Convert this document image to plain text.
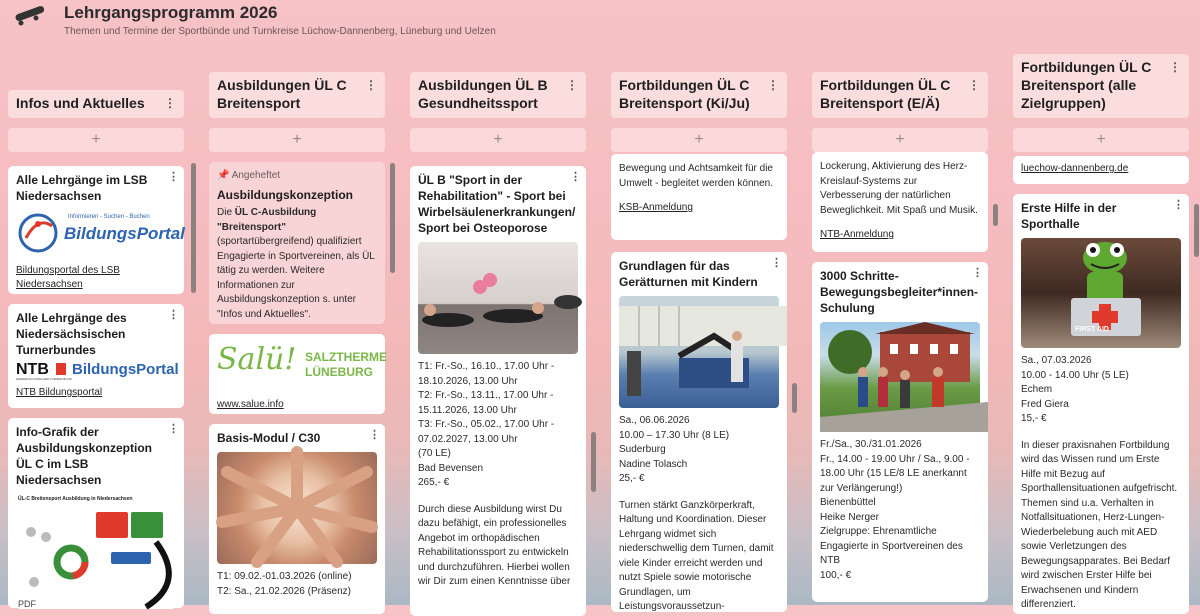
Lehrgangsprogramm 2026
Themen und Termine der Sportbünde und Turnkreise Lüchow-Dannenberg, Lüneburg und Uelzen
Infos und Aktuelles ⋮
+
Alle Lehrgänge im LSB Niedersachsen
⋮
Informieren - Suchen - Buchen
BildungsPortal
Bildungsportal des LSB Niedersachsen
Alle Lehrgänge des Niedersächsischen Turnerbundes
⋮
NTB BildungsPortal
NIEDERSÄCHSISCHER TURNER-BUND
NTB Bildungsportal
Info-Grafik der Ausbildungskonzeption ÜL C im LSB Niedersachsen
⋮
ÜL-C Breitensport Ausbildung in Niedersachsen
PDF
Ausbildungen ÜL C Breitensport
⋮
+
📌 Angeheftet
Ausbildungskonzeption
Die ÜL C-Ausbildung "Breitensport" (sportartübergreifend) qualifiziert Engagierte in Sportvereinen, als ÜL tätig zu werden. Weitere Informationen zur Ausbildungskonzeption s. unter "Infos und Aktuelles".
Salü! SALZTHERME
LÜNEBURG
www.salue.info
Basis-Modul / C30	⋮
T1: 09.02.-01.03.2026 (online)
T2: Sa., 21.02.2026 (Präsenz)
Ausbildungen ÜL B Gesundheitssport
⋮
+
ÜL B "Sport in der Rehabilitation" - Sport bei Wirbelsäulenerkrankungen/ Sport bei Osteoporose
⋮
T1: Fr.-So., 16.10., 17.00 Uhr - 18.10.2026, 13.00 Uhr
T2: Fr.-So., 13.11., 17.00 Uhr - 15.11.2026, 13.00 Uhr
T3: Fr.-So., 05.02., 17.00 Uhr - 07.02.2027, 13.00 Uhr
(70 LE)
Bad Bevensen
265,- €
Durch diese Ausbildung wirst Du dazu befähigt, ein professionelles Angebot im orthopädischen Rehabilitationssport zu entwickeln und durchzuführen. Hierbei wollen wir Dir zum einen Kenntnisse über
Fortbildungen ÜL C Breitensport (Ki/Ju)
⋮
+
Bewegung und Achtsamkeit für die Umwelt - begleitet werden können.
KSB-Anmeldung
Grundlagen für das Gerätturnen mit Kindern
⋮
Sa., 06.06.2026
10.00 – 17.30 Uhr (8 LE)
Suderburg
Nadine Tolasch
25,- €
Turnen stärkt Ganzkörperkraft, Haltung und Koordination. Dieser Lehrgang widmet sich niederschwellig dem Turnen, damit viele Kinder erreicht werden und nutzt Spiele sowie motorische Grundlagen, um Leistungsvoraussetzun-
Fortbildungen ÜL C Breitensport (E/Ä)
⋮
+
Lockerung, Aktivierung des Herz-Kreislauf-Systems zur Verbesserung der natürlichen Beweglichkeit. Mit Spaß und Musik.
NTB-Anmeldung
3000 Schritte-Bewegungsbegleiter*innen-Schulung
⋮
Fr./Sa., 30./31.01.2026
Fr., 14.00 - 19.00 Uhr / Sa., 9.00 - 18.00 Uhr (15 LE/8 LE anerkannt zur Verlängerung!)
Bienenbüttel
Heike Nerger
Zielgruppe: Ehrenamtliche Engagierte in Sportvereinen des NTB
100,- €
Fortbildungen ÜL C Breitensport (alle Zielgruppen)
⋮
+
luechow-dannenberg.de
Erste Hilfe in der Sporthalle
⋮
FIRST AID
Sa., 07.03.2026
10.00 - 14.00 Uhr (5 LE)
Echem
Fred Giera
15,- €
In dieser praxisnahen Fortbildung wird das Wissen rund um Erste Hilfe mit Bezug auf Sporthallensituationen aufgefrischt. Themen sind u.a. Verhalten in Notfallsituationen, Herz-Lungen-Wiederbelebung auch mit AED sowie Verletzungen des Bewegungsapparates. Bei Bedarf wird zwischen Erster Hilfe bei Erwachsenen und Kindern differenziert.
